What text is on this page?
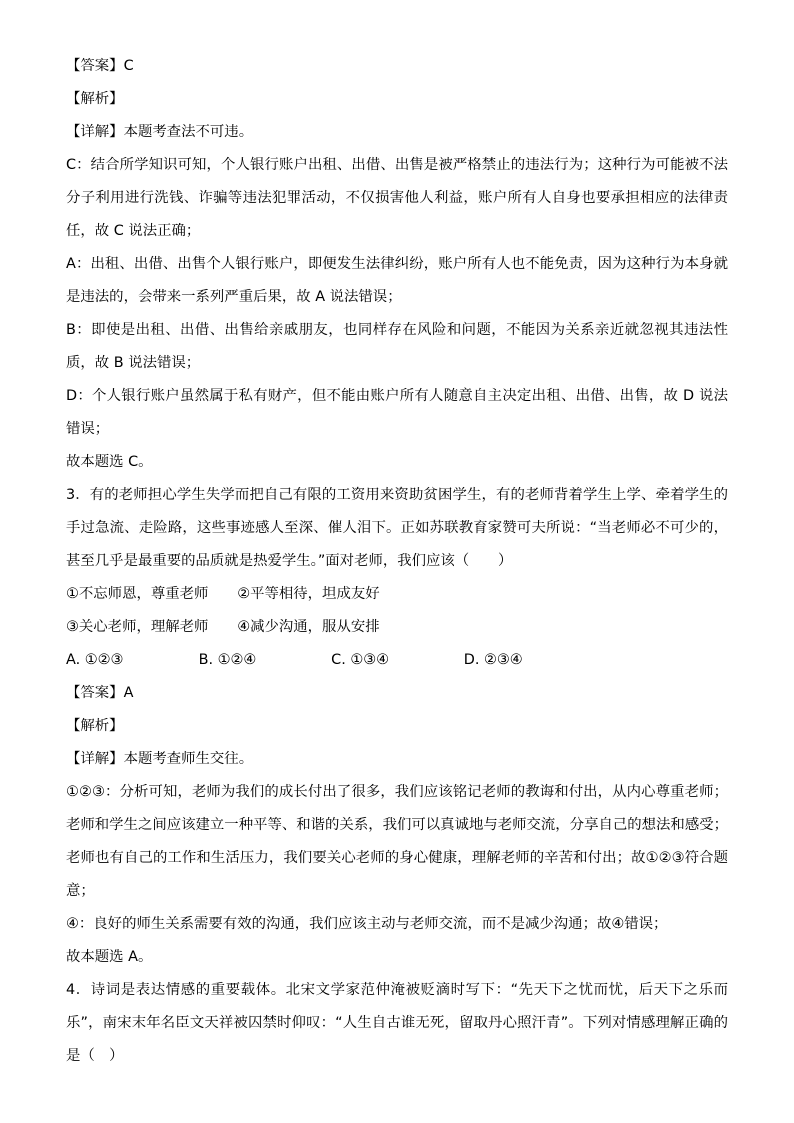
【答案】C

【解析】

【详解】本题考查法不可违。

C：结合所学知识可知，个人银行账户出租、出借、出售是被严格禁止的违法行为；这种行为可能被不法分子利用进行洗钱、诈骗等违法犯罪活动，不仅损害他人利益，账户所有人自身也要承担相应的法律责任，故 C 说法正确；

A：出租、出借、出售个人银行账户，即便发生法律纠纷，账户所有人也不能免责，因为这种行为本身就是违法的，会带来一系列严重后果，故 A 说法错误；

B：即使是出租、出借、出售给亲戚朋友，也同样存在风险和问题，不能因为关系亲近就忽视其违法性质，故 B 说法错误；

D：个人银行账户虽然属于私有财产，但不能由账户所有人随意自主决定出租、出借、出售，故 D 说法错误；

故本题选 C。

3．有的老师担心学生失学而把自己有限的工资用来资助贫困学生，有的老师背着学生上学、牵着学生的手过急流、走险路，这些事迹感人至深、催人泪下。正如苏联教育家赞可夫所说：“当老师必不可少的，甚至几乎是最重要的品质就是热爱学生。”面对老师，我们应该（　　）

①不忘师恩，尊重老师　　②平等相待，坦成友好

③关心老师，理解老师　　④减少沟通，服从安排

A. ①②③	B. ①②④	C. ①③④	D. ②③④

【答案】A

【解析】

【详解】本题考查师生交往。

①②③：分析可知，老师为我们的成长付出了很多，我们应该铭记老师的教诲和付出，从内心尊重老师；老师和学生之间应该建立一种平等、和谐的关系，我们可以真诚地与老师交流，分享自己的想法和感受；老师也有自己的工作和生活压力，我们要关心老师的身心健康，理解老师的辛苦和付出；故①②③符合题意；

④：良好的师生关系需要有效的沟通，我们应该主动与老师交流，而不是减少沟通；故④错误；

故本题选 A。

4．诗词是表达情感的重要载体。北宋文学家范仲淹被贬滴时写下：“先天下之忧而忧，后天下之乐而乐”，南宋末年名臣文天祥被囚禁时仰叹：“人生自古谁无死，留取丹心照汗青”。下列对情感理解正确的是（　）
